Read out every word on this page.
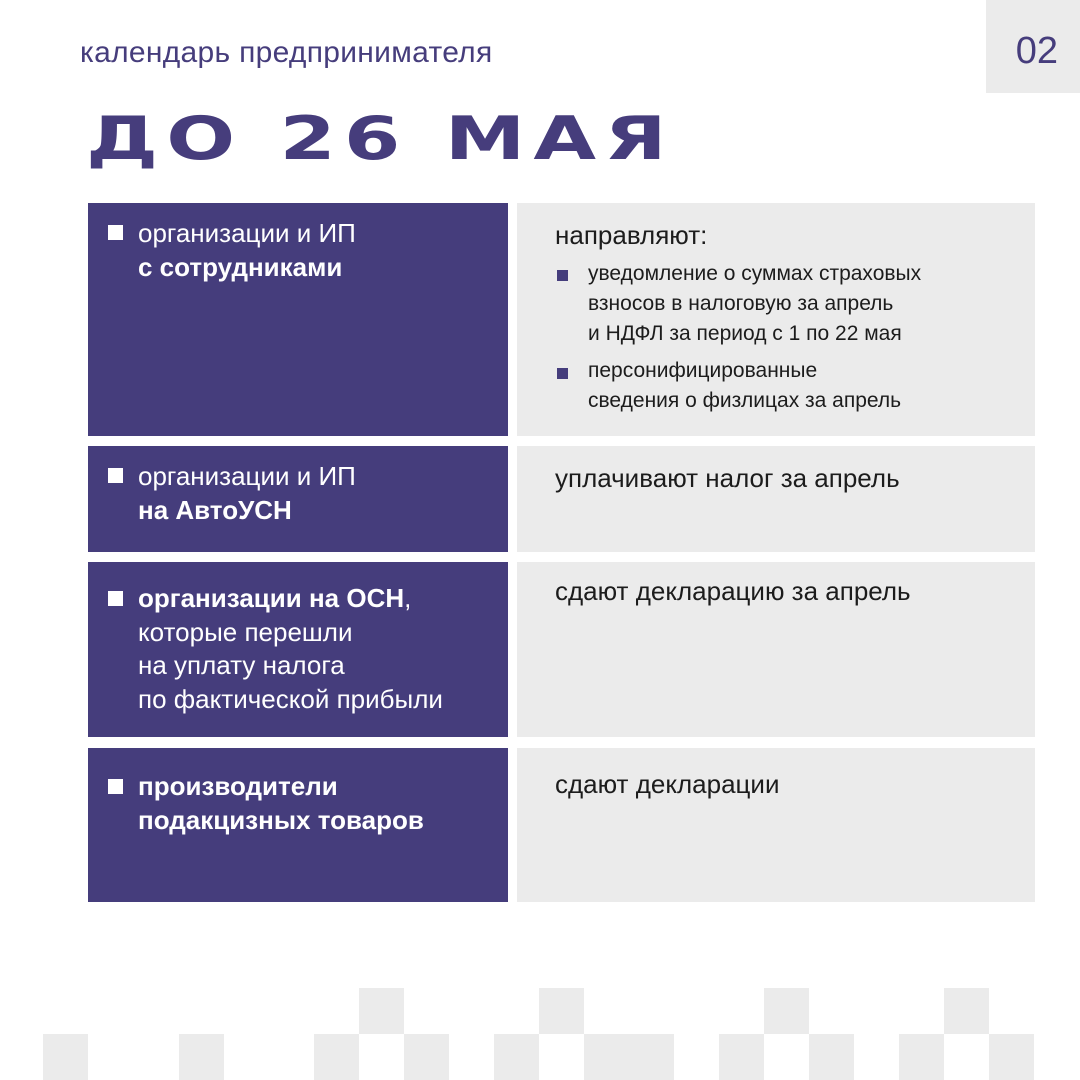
календарь предпринимателя	02
ДО 26 МАЯ
организации и ИП
с сотрудниками
направляют:
уведомление о суммах страховых
взносов в налоговую за апрель
и НДФЛ за период с 1 по 22 мая
персонифицированные
сведения о физлицах за апрель
организации и ИП
на АвтоУСН
уплачивают налог за апрель
организации на ОСН,
которые перешли
на уплату налога
по фактической прибыли
сдают декларацию за апрель
производители
подакцизных товаров
сдают декларации
